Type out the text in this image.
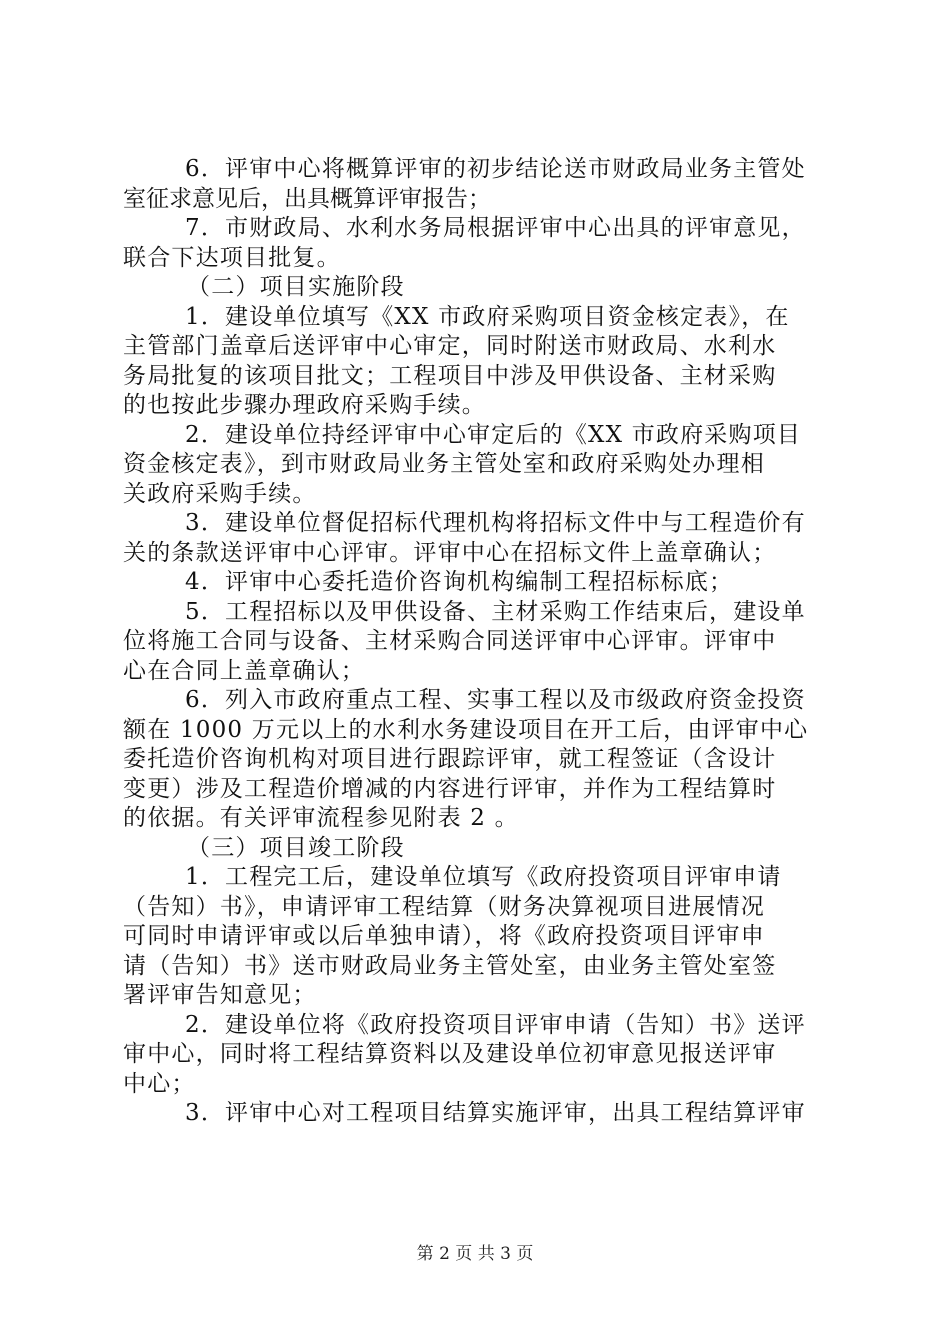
6．评审中心将概算评审的初步结论送市财政局业务主管处
室征求意见后，出具概算评审报告；
7．市财政局、水利水务局根据评审中心出具的评审意见，
联合下达项目批复。
（二）项目实施阶段
1．建设单位填写《XX 市政府采购项目资金核定表》，在
主管部门盖章后送评审中心审定，同时附送市财政局、水利水
务局批复的该项目批文；工程项目中涉及甲供设备、主材采购
的也按此步骤办理政府采购手续。
2．建设单位持经评审中心审定后的《XX 市政府采购项目
资金核定表》，到市财政局业务主管处室和政府采购处办理相
关政府采购手续。
3．建设单位督促招标代理机构将招标文件中与工程造价有
关的条款送评审中心评审。评审中心在招标文件上盖章确认；
4．评审中心委托造价咨询机构编制工程招标标底；
5．工程招标以及甲供设备、主材采购工作结束后，建设单
位将施工合同与设备、主材采购合同送评审中心评审。评审中
心在合同上盖章确认；
6．列入市政府重点工程、实事工程以及市级政府资金投资
额在 1000 万元以上的水利水务建设项目在开工后，由评审中心
委托造价咨询机构对项目进行跟踪评审，就工程签证（含设计
变更）涉及工程造价增减的内容进行评审，并作为工程结算时
的依据。有关评审流程参见附表 2 。
（三）项目竣工阶段
1．工程完工后，建设单位填写《政府投资项目评审申请
（告知）书》，申请评审工程结算（财务决算视项目进展情况
可同时申请评审或以后单独申请），将《政府投资项目评审申
请（告知）书》送市财政局业务主管处室，由业务主管处室签
署评审告知意见；
2．建设单位将《政府投资项目评审申请（告知）书》送评
审中心，同时将工程结算资料以及建设单位初审意见报送评审
中心；
3．评审中心对工程项目结算实施评审，出具工程结算评审
第 2 页 共 3 页
